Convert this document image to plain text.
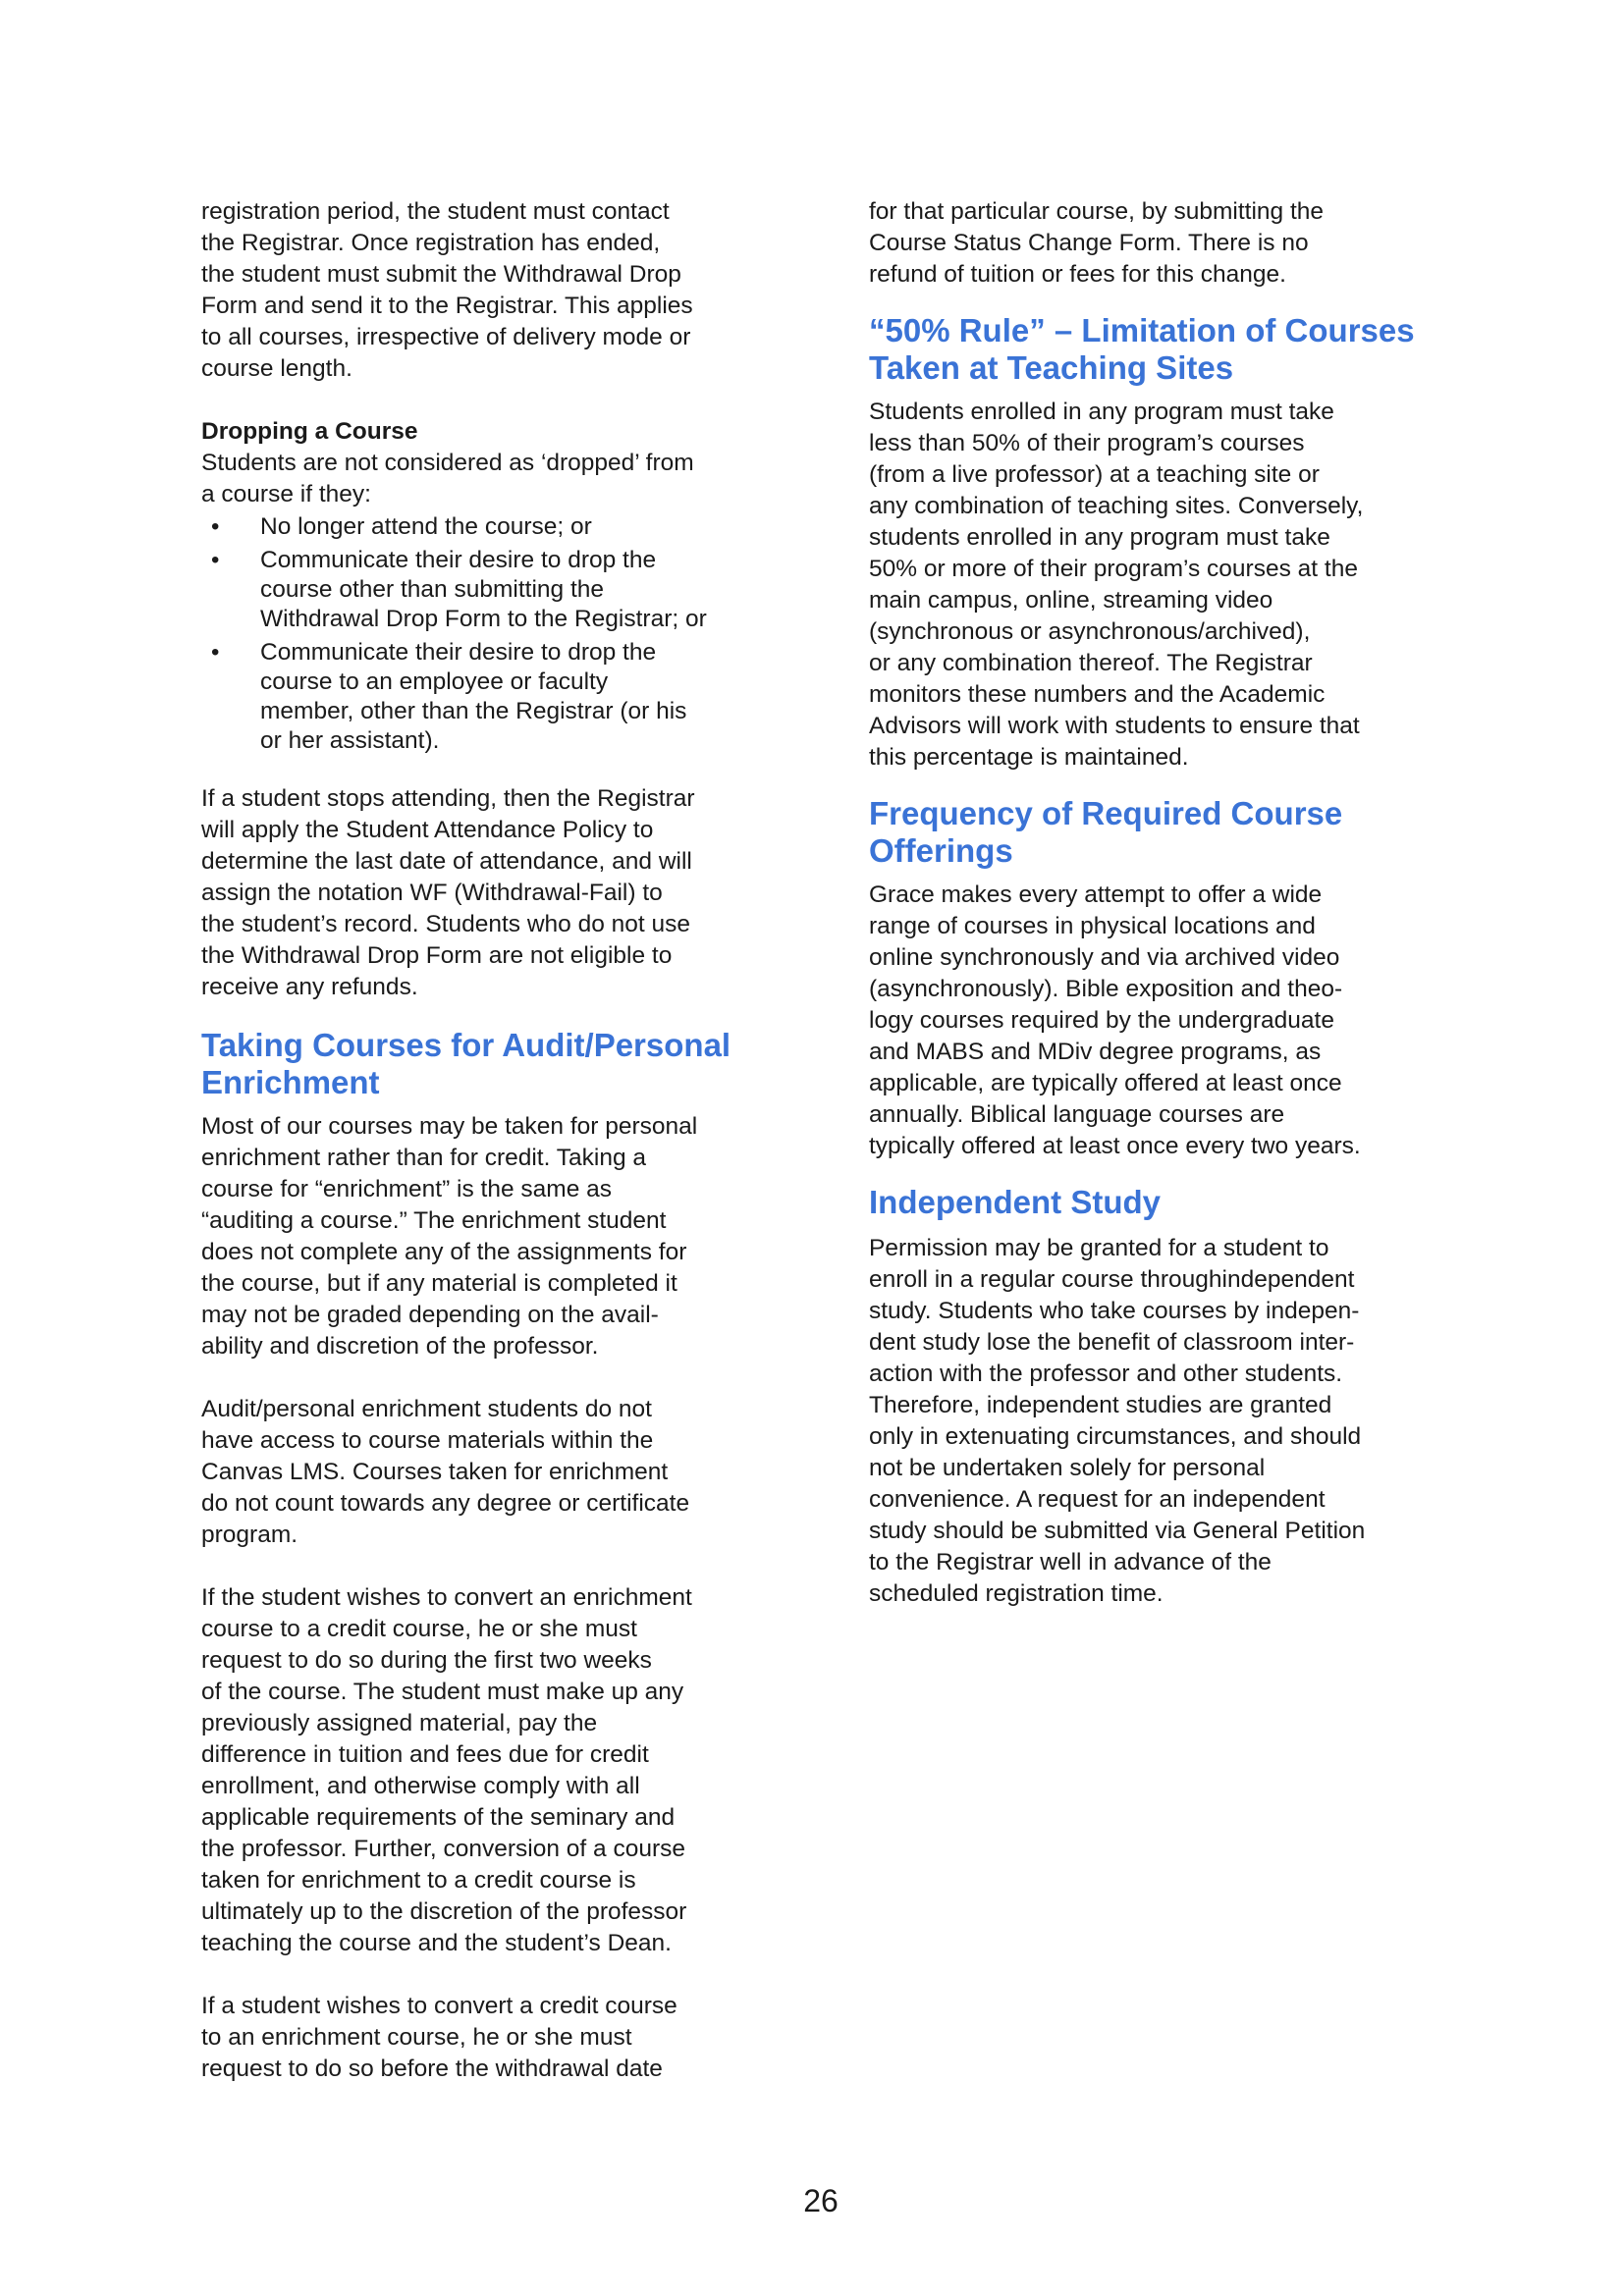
registration period, the student must contact
the Registrar. Once registration has ended,
the student must submit the Withdrawal Drop
Form and send it to the Registrar. This applies
to all courses, irrespective of delivery mode or
course length.

Dropping a Course

Students are not considered as ‘dropped’ from
a course if they:

• No longer attend the course; or
• Communicate their desire to drop the
course other than submitting the
Withdrawal Drop Form to the Registrar; or
• Communicate their desire to drop the
course to an employee or faculty
member, other than the Registrar (or his
or her assistant).

If a student stops attending, then the Registrar
will apply the Student Attendance Policy to
determine the last date of attendance, and will
assign the notation WF (Withdrawal-Fail) to
the student’s record. Students who do not use
the Withdrawal Drop Form are not eligible to
receive any refunds.

Taking Courses for Audit/Personal
Enrichment

Most of our courses may be taken for personal
enrichment rather than for credit. Taking a
course for “enrichment” is the same as
“auditing a course.” The enrichment student
does not complete any of the assignments for
the course, but if any material is completed it
may not be graded depending on the avail-
ability and discretion of the professor.

Audit/personal enrichment students do not
have access to course materials within the
Canvas LMS. Courses taken for enrichment
do not count towards any degree or certificate
program.

If the student wishes to convert an enrichment
course to a credit course, he or she must
request to do so during the first two weeks
of the course. The student must make up any
previously assigned material, pay the
difference in tuition and fees due for credit
enrollment, and otherwise comply with all
applicable requirements of the seminary and
the professor. Further, conversion of a course
taken for enrichment to a credit course is
ultimately up to the discretion of the professor
teaching the course and the student’s Dean.

If a student wishes to convert a credit course
to an enrichment course, he or she must
request to do so before the withdrawal date

for that particular course, by submitting the
Course Status Change Form. There is no
refund of tuition or fees for this change.

“50% Rule” – Limitation of Courses
Taken at Teaching Sites

Students enrolled in any program must take
less than 50% of their program’s courses
(from a live professor) at a teaching site or
any combination of teaching sites. Conversely,
students enrolled in any program must take
50% or more of their program’s courses at the
main campus, online, streaming video
(synchronous or asynchronous/archived),
or any combination thereof. The Registrar
monitors these numbers and the Academic
Advisors will work with students to ensure that
this percentage is maintained.

Frequency of Required Course
Offerings

Grace makes every attempt to offer a wide
range of courses in physical locations and
online synchronously and via archived video
(asynchronously). Bible exposition and theo-
logy courses required by the undergraduate
and MABS and MDiv degree programs, as
applicable, are typically offered at least once
annually. Biblical language courses are
typically offered at least once every two years.

Independent Study

Permission may be granted for a student to
enroll in a regular course throughindependent
study. Students who take courses by indepen-
dent study lose the benefit of classroom inter-
action with the professor and other students.
Therefore, independent studies are granted
only in extenuating circumstances, and should
not be undertaken solely for personal
convenience. A request for an independent
study should be submitted via General Petition
to the Registrar well in advance of the
scheduled registration time.

26
